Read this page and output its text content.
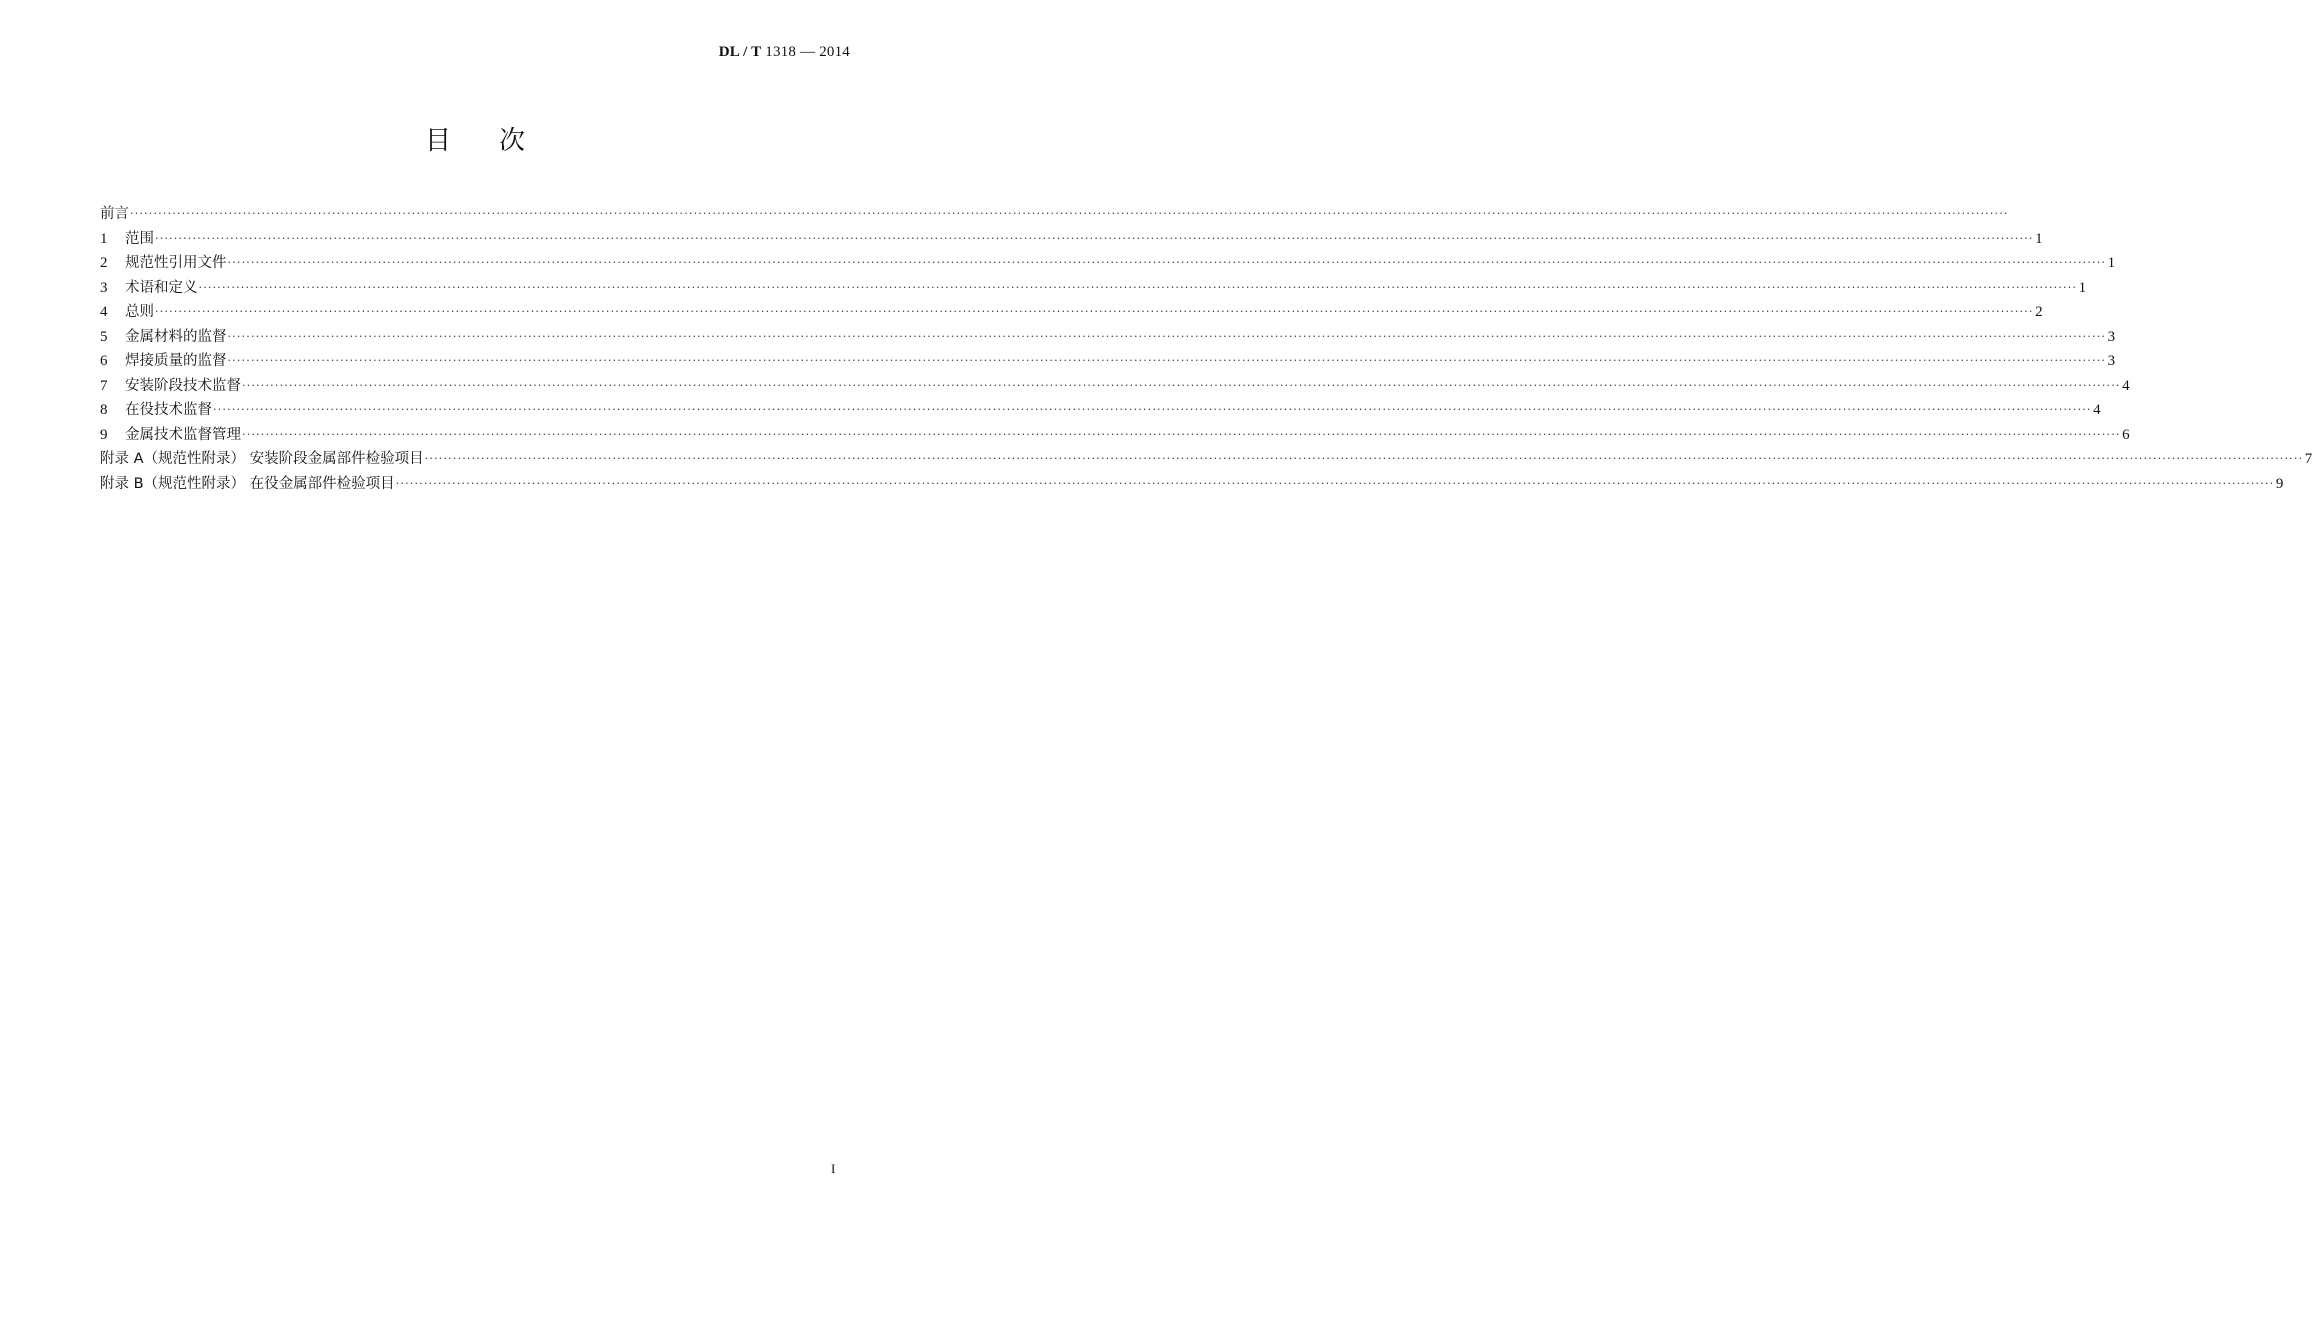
DL / T 1318 — 2014
目次
前言 ················································································································································································································································································································································································································
1	范围 ················································································································································································································································································································································································································ 1
2	规范性引用文件 ················································································································································································································································································································································································································ 1
3	术语和定义 ················································································································································································································································································································································································································ 1
4	总则 ················································································································································································································································································································································································································ 2
5	金属材料的监督 ················································································································································································································································································································································································································ 3
6	焊接质量的监督 ················································································································································································································································································································································································································ 3
7	安装阶段技术监督 ················································································································································································································································································································································································································ 4
8	在役技术监督 ················································································································································································································································································································································································································ 4
9	金属技术监督管理 ················································································································································································································································································································································································································ 6
附录 A（规范性附录） 安装阶段金属部件检验项目 ················································································································································································································································································································································································································ 7
附录 B（规范性附录） 在役金属部件检验项目 ················································································································································································································································································································································································································ 9
I
